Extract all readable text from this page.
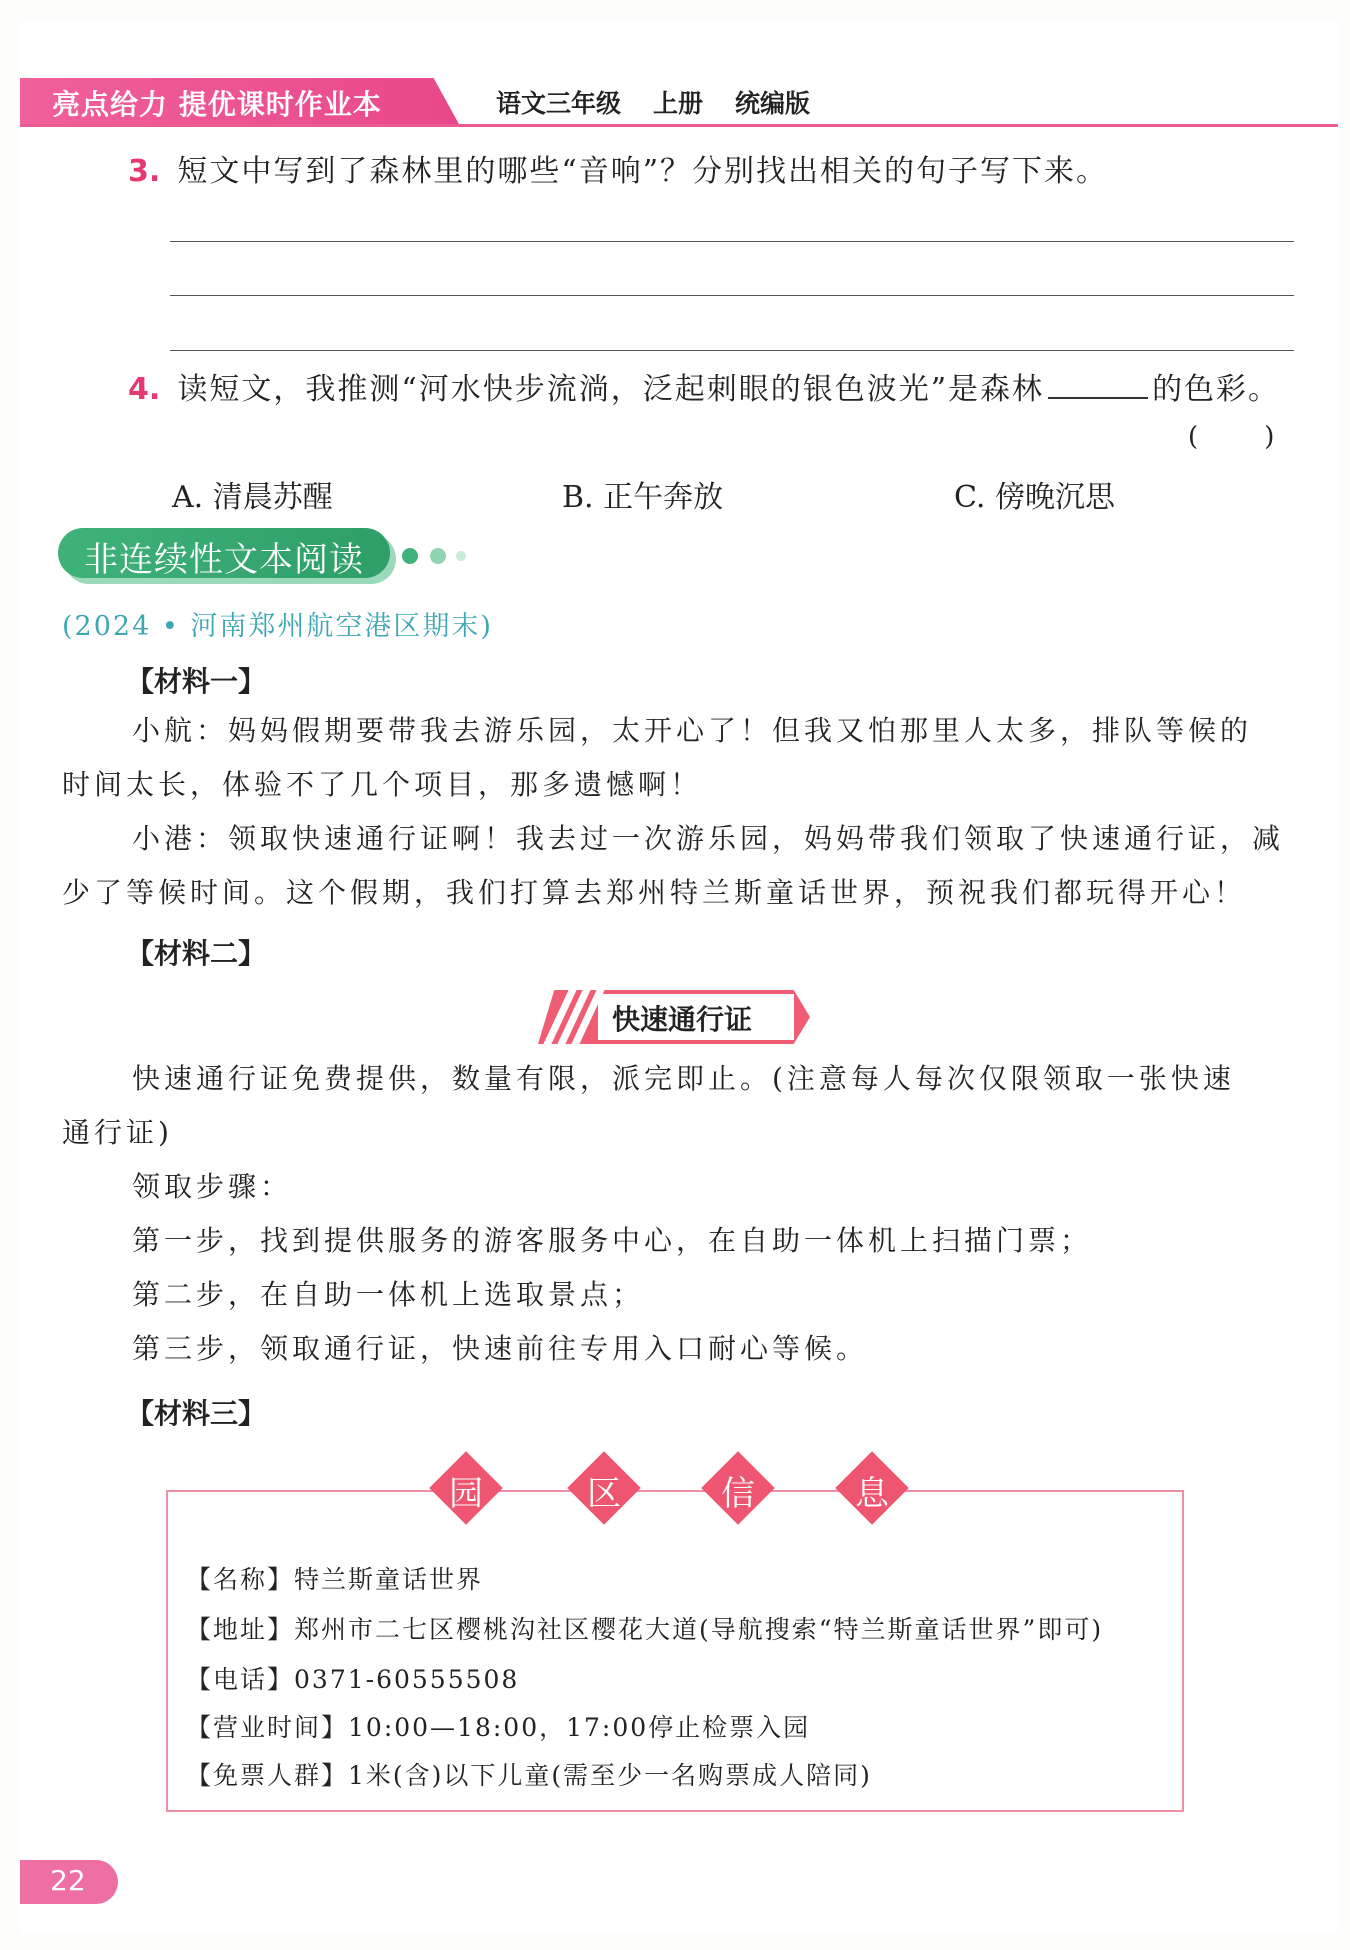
亮点给力 提优课时作业本	语文三年级 上册 统编版
3. 短文中写到了森林里的哪些“音响”？分别找出相关的句子写下来。
4. 读短文，我推测“河水快步流淌，泛起刺眼的银色波光”是森林	的色彩。
(        )
A. 清晨苏醒	B. 正午奔放	C. 傍晚沉思
非连续性文本阅读
(2024 • 河南郑州航空港区期末)
【材料一】
小航：妈妈假期要带我去游乐园，太开心了！但我又怕那里人太多，排队等候的
时间太长，体验不了几个项目，那多遗憾啊！
小港：领取快速通行证啊！我去过一次游乐园，妈妈带我们领取了快速通行证，减
少了等候时间。这个假期，我们打算去郑州特兰斯童话世界，预祝我们都玩得开心！
【材料二】
快速通行证
快速通行证免费提供，数量有限，派完即止。(注意每人每次仅限领取一张快速
通行证)
领取步骤：
第一步，找到提供服务的游客服务中心，在自助一体机上扫描门票；
第二步，在自助一体机上选取景点；
第三步，领取通行证，快速前往专用入口耐心等候。
【材料三】
园	区	信	息
【名称】特兰斯童话世界
【地址】郑州市二七区樱桃沟社区樱花大道(导航搜索“特兰斯童话世界”即可)
【电话】0371-60555508
【营业时间】10:00—18:00，17:00停止检票入园
【免票人群】1米(含)以下儿童(需至少一名购票成人陪同)
22
